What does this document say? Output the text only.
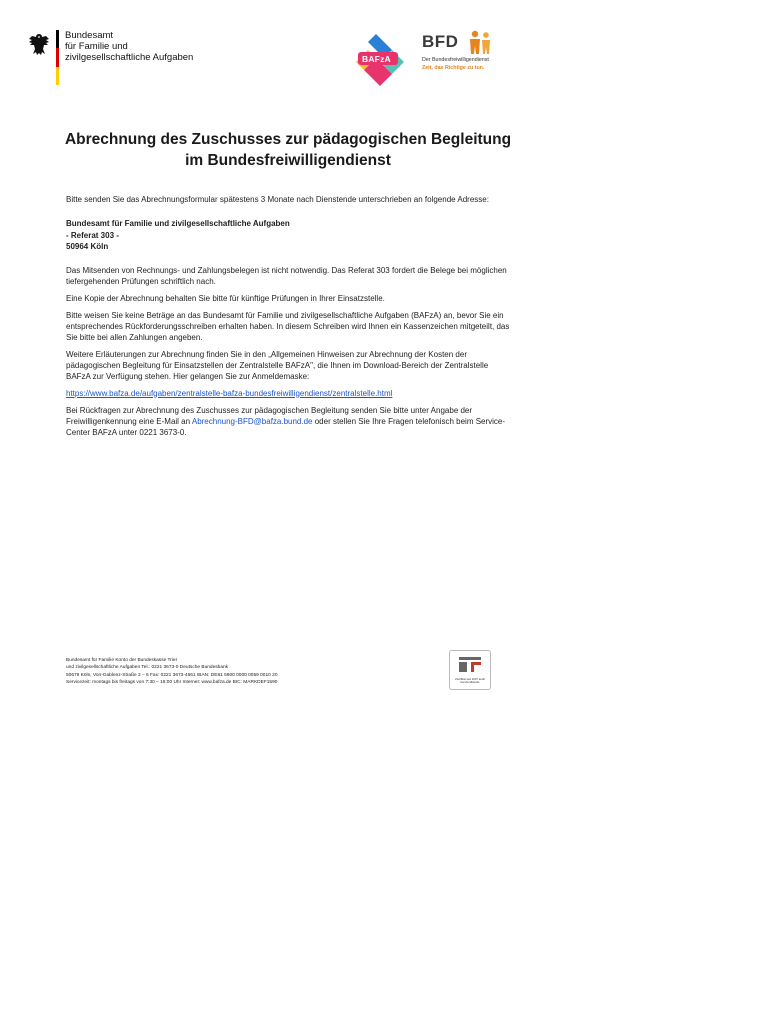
Bundesamt
für Familie und
zivilgesellschaftliche Aufgaben	BAFzA
BFD
Der Bundesfreiwilligendienst
Zeit, das Richtige zu tun.
Abrechnung des Zuschusses zur pädagogischen Begleitung
im Bundesfreiwilligendienst

Bitte senden Sie das Abrechnungsformular spätestens 3 Monate nach Dienstende unterschrieben an folgende Adresse:

Bundesamt für Familie und zivilgesellschaftliche Aufgaben
- Referat 303 -
50964 Köln

Das Mitsenden von Rechnungs- und Zahlungsbelegen ist nicht notwendig. Das Referat 303 fordert die Belege bei möglichen tiefergehenden Prüfungen schriftlich nach.

Eine Kopie der Abrechnung behalten Sie bitte für künftige Prüfungen in Ihrer Einsatzstelle.

Bitte weisen Sie keine Beträge an das Bundesamt für Familie und zivilgesellschaftliche Aufgaben (BAFzA) an, bevor Sie ein entsprechendes Rückforderungsschreiben erhalten haben. In diesem Schreiben wird Ihnen ein Kassenzeichen mitgeteilt, das Sie bitte bei allen Zahlungen angeben.

Weitere Erläuterungen zur Abrechnung finden Sie in den „Allgemeinen Hinweisen zur Abrechnung der Kosten der pädagogischen Begleitung für Einsatzstellen der Zentralstelle BAFzA", die Ihnen im Download-Bereich der Zentralstelle BAFzA zur Verfügung stehen. Hier gelangen Sie zur Anmeldemaske:

https://www.bafza.de/aufgaben/zentralstelle-bafza-bundesfreiwilligendienst/zentralstelle.html

Bei Rückfragen zur Abrechnung des Zuschusses zur pädagogischen Begleitung senden Sie bitte unter Angabe der Freiwilligenkennung eine E-Mail an Abrechnung-BFD@bafza.bund.de oder stellen Sie Ihre Fragen telefonisch beim Service-Center BAFzA unter 0221 3673-0.

Bundesamt für Familie Konto der Bundeskasse Trier
und zivilgesellschaftliche Aufgaben Tel.: 0221 3673-0 Deutsche Bundesbank
50679 Köln, Von-Gablenz-Straße 2 – 6 Fax: 0221 3673-4661 IBAN: DE81 5900 0000 0059 0010 20
Servicezeit: montags bis freitags von 7:30 – 16:00 Uhr Internet: www.bafza.de BIC: MARKDEF1590
Zertifikat seit 2007 audit berufundfamilie
